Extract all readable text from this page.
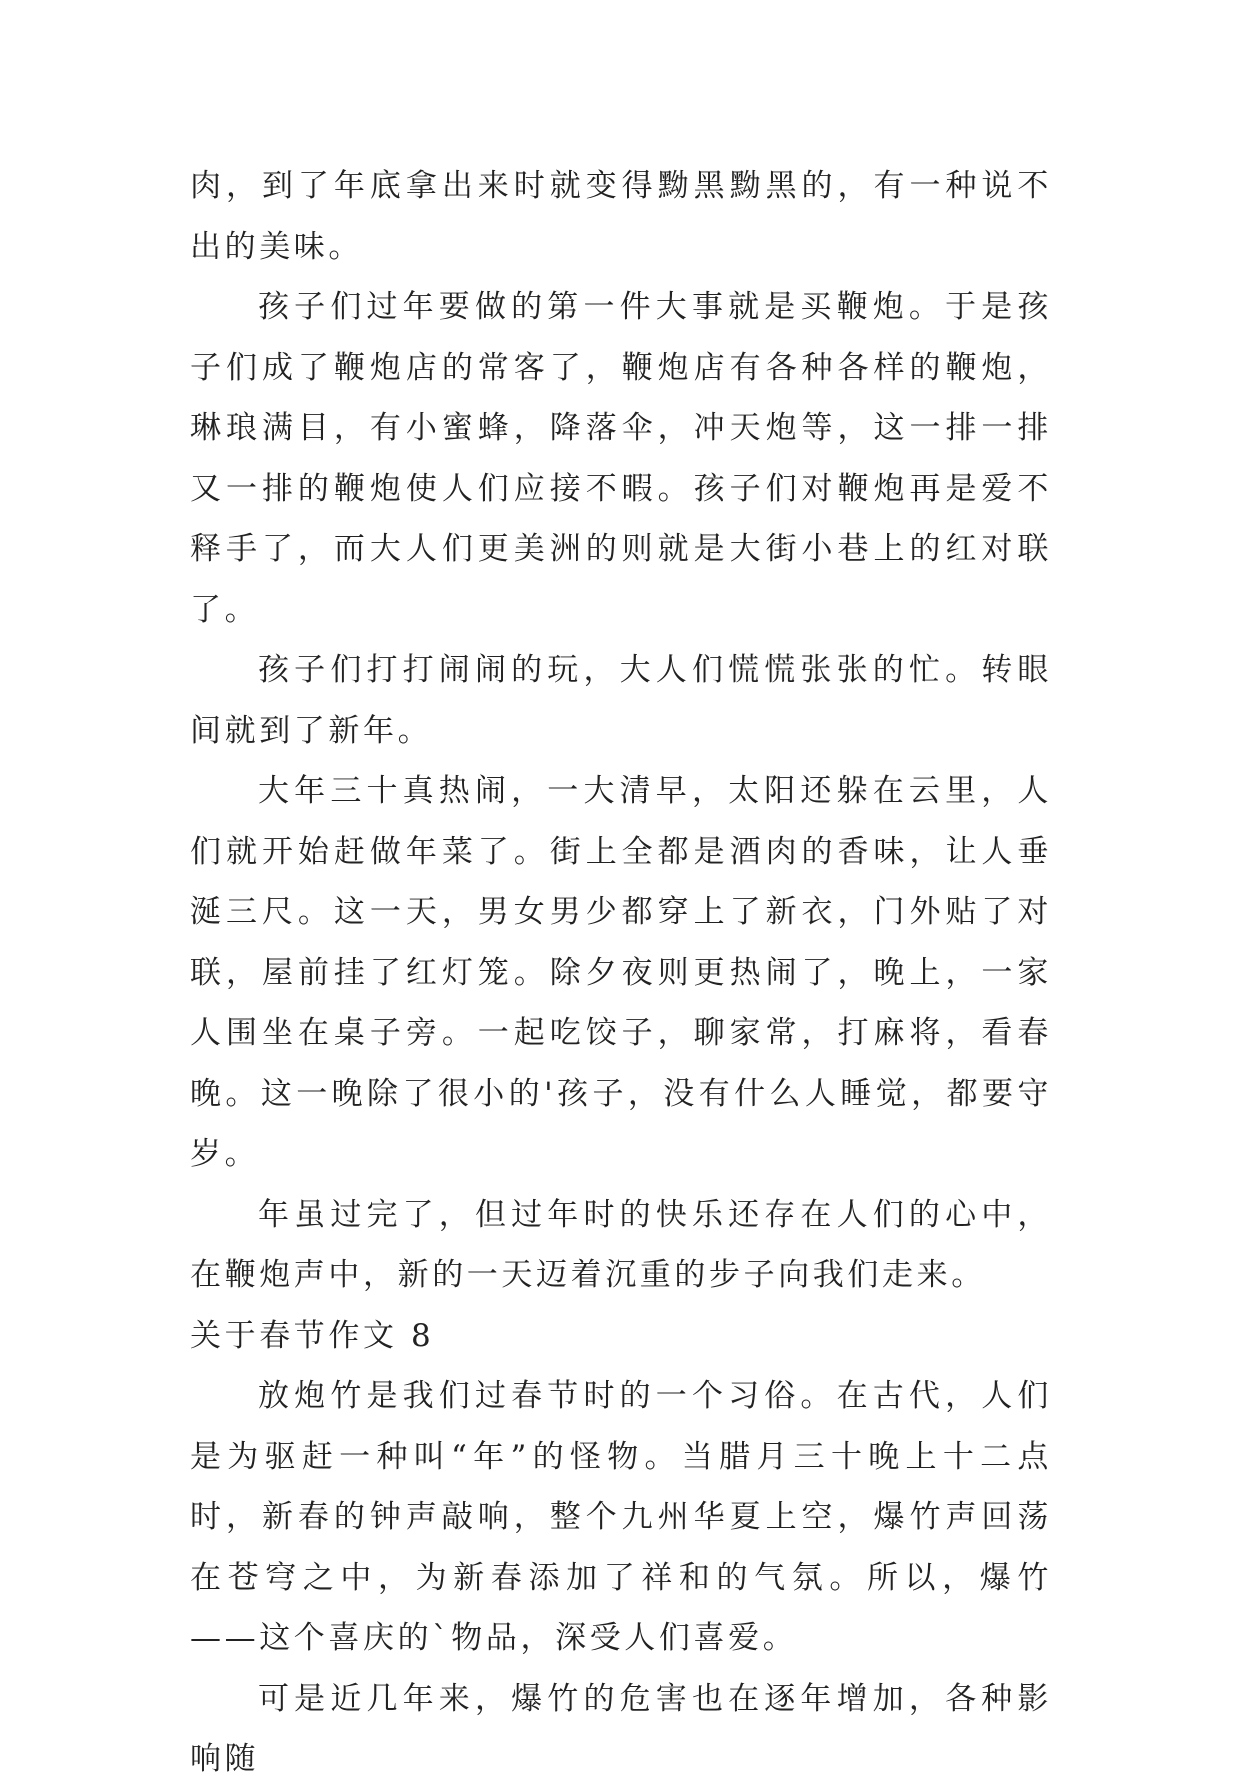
肉，到了年底拿出来时就变得黝黑黝黑的，有一种说不出的美味。

孩子们过年要做的第一件大事就是买鞭炮。于是孩子们成了鞭炮店的常客了，鞭炮店有各种各样的鞭炮，琳琅满目，有小蜜蜂，降落伞，冲天炮等，这一排一排又一排的鞭炮使人们应接不暇。孩子们对鞭炮再是爱不释手了，而大人们更美洲的则就是大街小巷上的红对联了。

孩子们打打闹闹的玩，大人们慌慌张张的忙。转眼间就到了新年。

大年三十真热闹，一大清早，太阳还躲在云里，人们就开始赶做年菜了。街上全都是酒肉的香味，让人垂涎三尺。这一天，男女男少都穿上了新衣，门外贴了对联，屋前挂了红灯笼。除夕夜则更热闹了，晚上，一家人围坐在桌子旁。一起吃饺子，聊家常，打麻将，看春晚。这一晚除了很小的'孩子，没有什么人睡觉，都要守岁。

年虽过完了，但过年时的快乐还存在人们的心中，在鞭炮声中，新的一天迈着沉重的步子向我们走来。

关于春节作文 8

放炮竹是我们过春节时的一个习俗。在古代，人们是为驱赶一种叫“年”的怪物。当腊月三十晚上十二点时，新春的钟声敲响，整个九州华夏上空，爆竹声回荡在苍穹之中，为新春添加了祥和的气氛。所以，爆竹——这个喜庆的`物品，深受人们喜爱。

可是近几年来，爆竹的危害也在逐年增加，各种影响随
